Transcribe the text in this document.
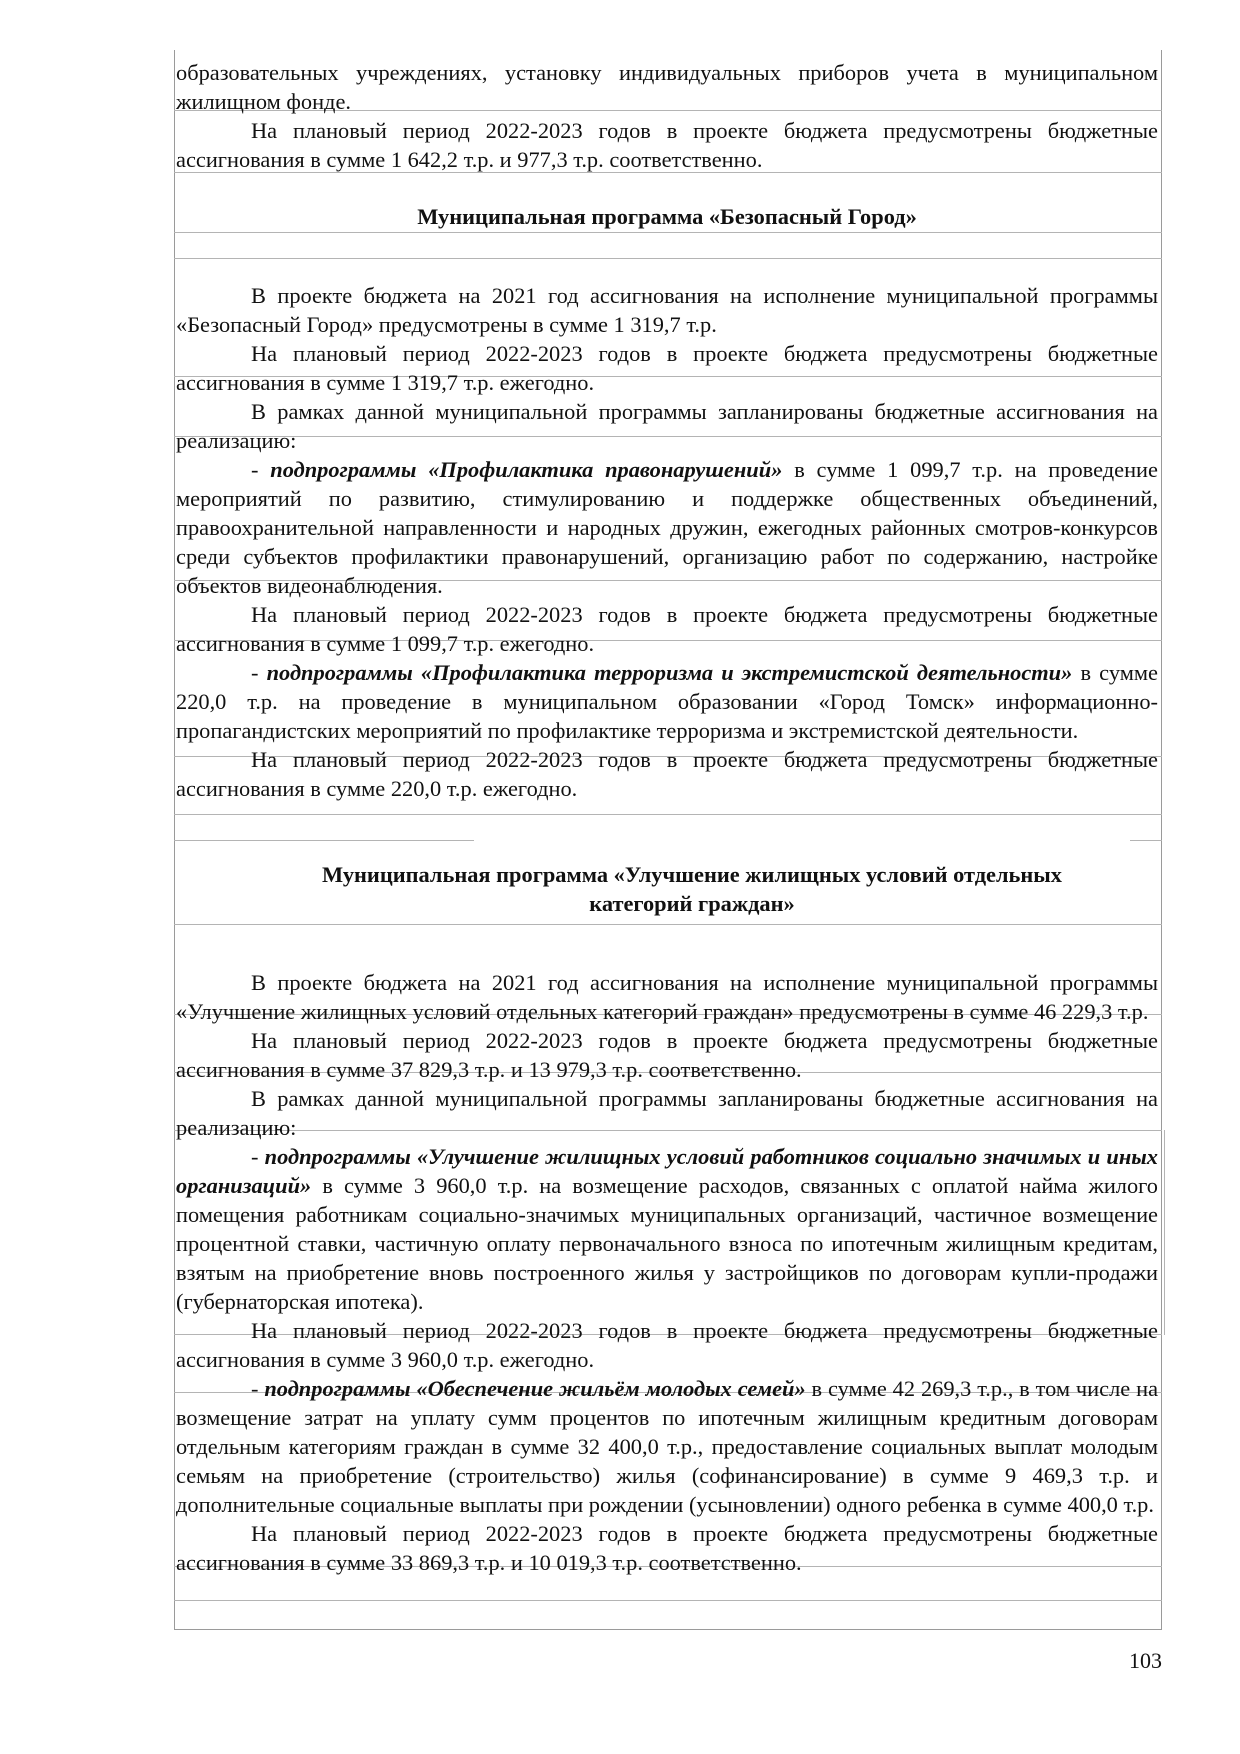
образовательных учреждениях, установку индивидуальных приборов учета в муниципальном жилищном фонде.

На плановый период 2022-2023 годов в проекте бюджета предусмотрены бюджетные ассигнования в сумме 1 642,2 т.р. и 977,3 т.р. соответственно.

Муниципальная программа «Безопасный Город»

В проекте бюджета на 2021 год ассигнования на исполнение муниципальной программы «Безопасный Город» предусмотрены в сумме 1 319,7 т.р.

На плановый период 2022-2023 годов в проекте бюджета предусмотрены бюджетные ассигнования в сумме 1 319,7 т.р. ежегодно.

В рамках данной муниципальной программы запланированы бюджетные ассигнования на реализацию:

- подпрограммы «Профилактика правонарушений» в сумме 1 099,7 т.р. на проведение мероприятий по развитию, стимулированию и поддержке общественных объединений, правоохранительной направленности и народных дружин, ежегодных районных смотров-конкурсов среди субъектов профилактики правонарушений, организацию работ по содержанию, настройке объектов видеонаблюдения.

На плановый период 2022-2023 годов в проекте бюджета предусмотрены бюджетные ассигнования в сумме 1 099,7 т.р. ежегодно.

- подпрограммы «Профилактика терроризма и экстремистской деятельности» в сумме 220,0 т.р. на проведение в муниципальном образовании «Город Томск» информационно-пропагандистских мероприятий по профилактике терроризма и экстремистской деятельности.

На плановый период 2022-2023 годов в проекте бюджета предусмотрены бюджетные ассигнования в сумме 220,0 т.р. ежегодно.

Муниципальная программа «Улучшение жилищных условий отдельных
категорий граждан»

В проекте бюджета на 2021 год ассигнования на исполнение муниципальной программы «Улучшение жилищных условий отдельных категорий граждан» предусмотрены в сумме 46 229,3 т.р.

На плановый период 2022-2023 годов в проекте бюджета предусмотрены бюджетные ассигнования в сумме 37 829,3 т.р. и 13 979,3 т.р. соответственно.

В рамках данной муниципальной программы запланированы бюджетные ассигнования на реализацию:

- подпрограммы «Улучшение жилищных условий работников социально значимых и иных организаций» в сумме 3 960,0 т.р. на возмещение расходов, связанных с оплатой найма жилого помещения работникам социально-значимых муниципальных организаций, частичное возмещение процентной ставки, частичную оплату первоначального взноса по ипотечным жилищным кредитам, взятым на приобретение вновь построенного жилья у застройщиков по договорам купли-продажи (губернаторская ипотека).

На плановый период 2022-2023 годов в проекте бюджета предусмотрены бюджетные ассигнования в сумме 3 960,0 т.р. ежегодно.

- подпрограммы «Обеспечение жильём молодых семей» в сумме 42 269,3 т.р., в том числе на возмещение затрат на уплату сумм процентов по ипотечным жилищным кредитным договорам отдельным категориям граждан в сумме 32 400,0 т.р., предоставление социальных выплат молодым семьям на приобретение (строительство) жилья (софинансирование) в сумме 9 469,3 т.р. и дополнительные социальные выплаты при рождении (усыновлении) одного ребенка в сумме 400,0 т.р.

На плановый период 2022-2023 годов в проекте бюджета предусмотрены бюджетные ассигнования в сумме 33 869,3 т.р. и 10 019,3 т.р. соответственно.

103
